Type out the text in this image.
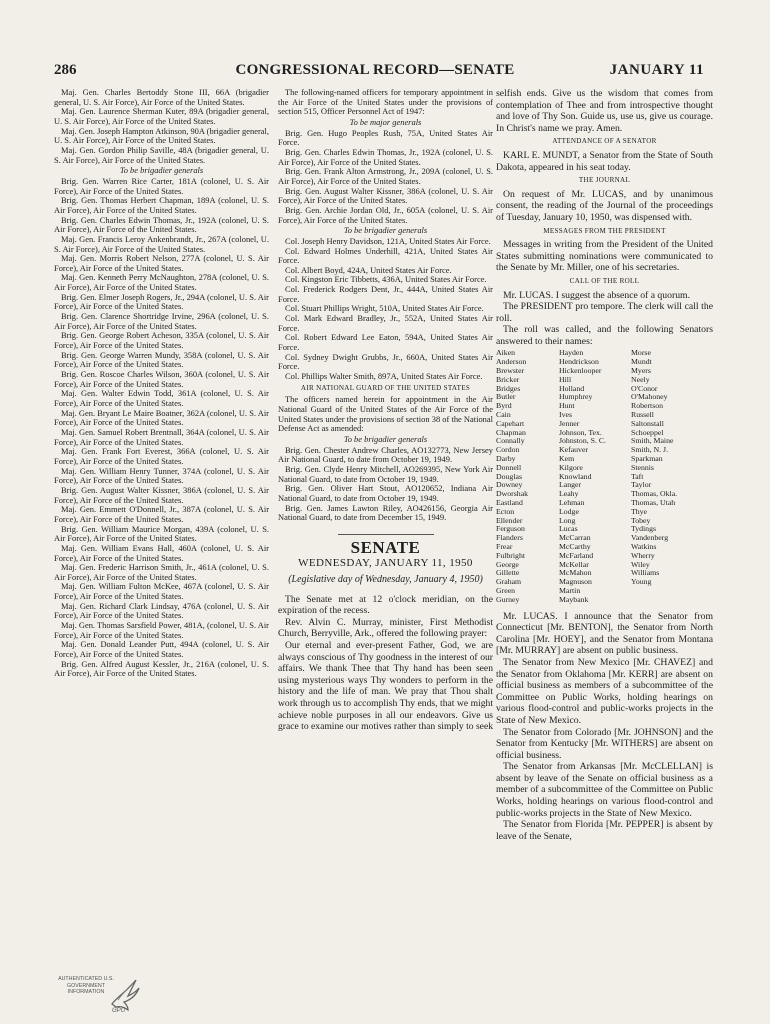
286	CONGRESSIONAL RECORD—SENATE	JANUARY 11

Maj. Gen. Charles Bertoddy Stone III, 66A (brigadier general, U. S. Air Force), Air Force of the United States.

Maj. Gen. Laurence Sherman Kuter, 89A (brigadier general, U. S. Air Force), Air Force of the United States.

Maj. Gen. Joseph Hampton Atkinson, 90A (brigadier general, U. S. Air Force), Air Force of the United States.

Maj. Gen. Gordon Philip Saville, 48A (brigadier general, U. S. Air Force), Air Force of the United States.

To be brigadier generals

Brig. Gen. Warren Rice Carter, 181A (colonel, U. S. Air Force), Air Force of the United States.

Brig. Gen. Thomas Herbert Chapman, 189A (colonel, U. S. Air Force), Air Force of the United States.

Brig. Gen. Charles Edwin Thomas, Jr., 192A (colonel, U. S. Air Force), Air Force of the United States.

Maj. Gen. Francis Leroy Ankenbrandt, Jr., 267A (colonel, U. S. Air Force), Air Force of the United States.

Maj. Gen. Morris Robert Nelson, 277A (colonel, U. S. Air Force), Air Force of the United States.

Maj. Gen. Kenneth Perry McNaughton, 278A (colonel, U. S. Air Force), Air Force of the United States.

Brig. Gen. Elmer Joseph Rogers, Jr., 294A (colonel, U. S. Air Force), Air Force of the United States.

Brig. Gen. Clarence Shortridge Irvine, 296A (colonel, U. S. Air Force), Air Force of the United States.

Brig. Gen. George Robert Acheson, 335A (colonel, U. S. Air Force), Air Force of the United States.

Brig. Gen. George Warren Mundy, 358A (colonel, U. S. Air Force), Air Force of the United States.

Brig. Gen. Roscoe Charles Wilson, 360A (colonel, U. S. Air Force), Air Force of the United States.

Maj. Gen. Walter Edwin Todd, 361A (colonel, U. S. Air Force), Air Force of the United States.

Maj. Gen. Bryant Le Maire Boatner, 362A (colonel, U. S. Air Force), Air Force of the United States.

Maj. Gen. Samuel Robert Brentnall, 364A (colonel, U. S. Air Force), Air Force of the United States.

Maj. Gen. Frank Fort Everest, 366A (colonel, U. S. Air Force), Air Force of the United States.

Maj. Gen. William Henry Tunner, 374A (colonel, U. S. Air Force), Air Force of the United States.

Brig. Gen. August Walter Kissner, 386A (colonel, U. S. Air Force), Air Force of the United States.

Maj. Gen. Emmett O'Donnell, Jr., 387A (colonel, U. S. Air Force), Air Force of the United States.

Brig. Gen. William Maurice Morgan, 439A (colonel, U. S. Air Force), Air Force of the United States.

Maj. Gen. William Evans Hall, 460A (colonel, U. S. Air Force), Air Force of the United States.

Maj. Gen. Frederic Harrison Smith, Jr., 461A (colonel, U. S. Air Force), Air Force of the United States.

Maj. Gen. William Fulton McKee, 467A (colonel, U. S. Air Force), Air Force of the United States.

Maj. Gen. Richard Clark Lindsay, 476A (colonel, U. S. Air Force), Air Force of the United States.

Maj. Gen. Thomas Sarsfield Power, 481A, (colonel, U. S. Air Force), Air Force of the United States.

Maj. Gen. Donald Leander Putt, 494A (colonel, U. S. Air Force), Air Force of the United States.

Brig. Gen. Alfred August Kessler, Jr., 216A (colonel, U. S. Air Force), Air Force of the United States.

The following-named officers for temporary appointment in the Air Force of the United States under the provisions of section 515, Officer Personnel Act of 1947:

To be major generals

Brig. Gen. Hugo Peoples Rush, 75A, United States Air Force.

Brig. Gen. Charles Edwin Thomas, Jr., 192A (colonel, U. S. Air Force), Air Force of the United States.

Brig. Gen. Frank Alton Armstrong, Jr., 209A (colonel, U. S. Air Force), Air Force of the United States.

Brig. Gen. August Walter Kissner, 386A (colonel, U. S. Air Force), Air Force of the United States.

Brig. Gen. Archie Jordan Old, Jr., 605A (colonel, U. S. Air Force), Air Force of the United States.

To be brigadier generals

Col. Joseph Henry Davidson, 121A, United States Air Force.

Col. Edward Holmes Underhill, 421A, United States Air Force.

Col. Albert Boyd, 424A, United States Air Force.

Col. Kingston Eric Tibbetts, 436A, United States Air Force.

Col. Frederick Rodgers Dent, Jr., 444A, United States Air Force.

Col. Stuart Phillips Wright, 510A, United States Air Force.

Col. Mark Edward Bradley, Jr., 552A, United States Air Force.

Col. Robert Edward Lee Eaton, 594A, United States Air Force.

Col. Sydney Dwight Grubbs, Jr., 660A, United States Air Force.

Col. Phillips Walter Smith, 897A, United States Air Force.

AIR NATIONAL GUARD OF THE UNITED STATES

The officers named herein for appointment in the Air National Guard of the United States of the Air Force of the United States under the provisions of section 38 of the National Defense Act as amended:

To be brigadier generals

Brig. Gen. Chester Andrew Charles, AO132773, New Jersey Air National Guard, to date from October 19, 1949.

Brig. Gen. Clyde Henry Mitchell, AO269395, New York Air National Guard, to date from October 19, 1949.

Brig. Gen. Oliver Hart Stout, AO120652, Indiana Air National Guard, to date from October 19, 1949.

Brig. Gen. James Lawton Riley, AO426156, Georgia Air National Guard, to date from December 15, 1949.

SENATE
WEDNESDAY, JANUARY 11, 1950
(Legislative day of Wednesday, January 4, 1950)

The Senate met at 12 o'clock meridian, on the expiration of the recess.

Rev. Alvin C. Murray, minister, First Methodist Church, Berryville, Ark., offered the following prayer:

Our eternal and ever-present Father, God, we are always conscious of Thy goodness in the interest of our affairs. We thank Thee that Thy hand has been seen using mysterious ways Thy wonders to perform in the history and the life of man. We pray that Thou shalt work through us to accomplish Thy ends, that we might achieve noble purposes in all our endeavors. Give us grace to examine our motives rather than simply to seek

selfish ends. Give us the wisdom that comes from contemplation of Thee and from introspective thought and love of Thy Son. Guide us, use us, give us courage. In Christ's name we pray. Amen.

ATTENDANCE OF A SENATOR

KARL E. MUNDT, a Senator from the State of South Dakota, appeared in his seat today.

THE JOURNAL

On request of Mr. LUCAS, and by unanimous consent, the reading of the Journal of the proceedings of Tuesday, January 10, 1950, was dispensed with.

MESSAGES FROM THE PRESIDENT

Messages in writing from the President of the United States submitting nominations were communicated to the Senate by Mr. Miller, one of his secretaries.

CALL OF THE ROLL

Mr. LUCAS. I suggest the absence of a quorum.

The PRESIDENT pro tempore. The clerk will call the roll.

The roll was called, and the following Senators answered to their names:

Aiken	Hayden	Morse
Anderson	Hendrickson	Mundt
Brewster	Hickenlooper	Myers
Bricker	Hill	Neely
Bridges	Holland	O'Conor
Butler	Humphrey	O'Mahoney
Byrd	Hunt	Robertson
Cain	Ives	Russell
Capehart	Jenner	Saltonstall
Chapman	Johnson, Tex.	Schoeppel
Connally	Johnston, S. C.	Smith, Maine
Cordon	Kefauver	Smith, N. J.
Darby	Kem	Sparkman
Donnell	Kilgore	Stennis
Douglas	Knowland	Taft
Downey	Langer	Taylor
Dworshak	Leahy	Thomas, Okla.
Eastland	Lehman	Thomas, Utah
Ecton	Lodge	Thye
Ellender	Long	Tobey
Ferguson	Lucas	Tydings
Flanders	McCarran	Vandenberg
Frear	McCarthy	Watkins
Fulbright	McFarland	Wherry
George	McKellar	Wiley
Gillette	McMahon	Williams
Graham	Magnuson	Young
Green	Martin
Gurney	Maybank

Mr. LUCAS. I announce that the Senator from Connecticut [Mr. BENTON], the Senator from North Carolina [Mr. HOEY], and the Senator from Montana [Mr. MURRAY] are absent on public business.

The Senator from New Mexico [Mr. CHAVEZ] and the Senator from Oklahoma [Mr. KERR] are absent on official business as members of a subcommittee of the Committee on Public Works, holding hearings on various flood-control and public-works projects in the State of New Mexico.

The Senator from Colorado [Mr. JOHNSON] and the Senator from Kentucky [Mr. WITHERS] are absent on official business.

The Senator from Arkansas [Mr. McCLELLAN] is absent by leave of the Senate on official business as a member of a subcommittee of the Committee on Public Works, holding hearings on various flood-control and public-works projects in the State of New Mexico.

The Senator from Florida [Mr. PEPPER] is absent by leave of the Senate,

AUTHENTICATED U.S. GOVERNMENT INFORMATION
GPO
